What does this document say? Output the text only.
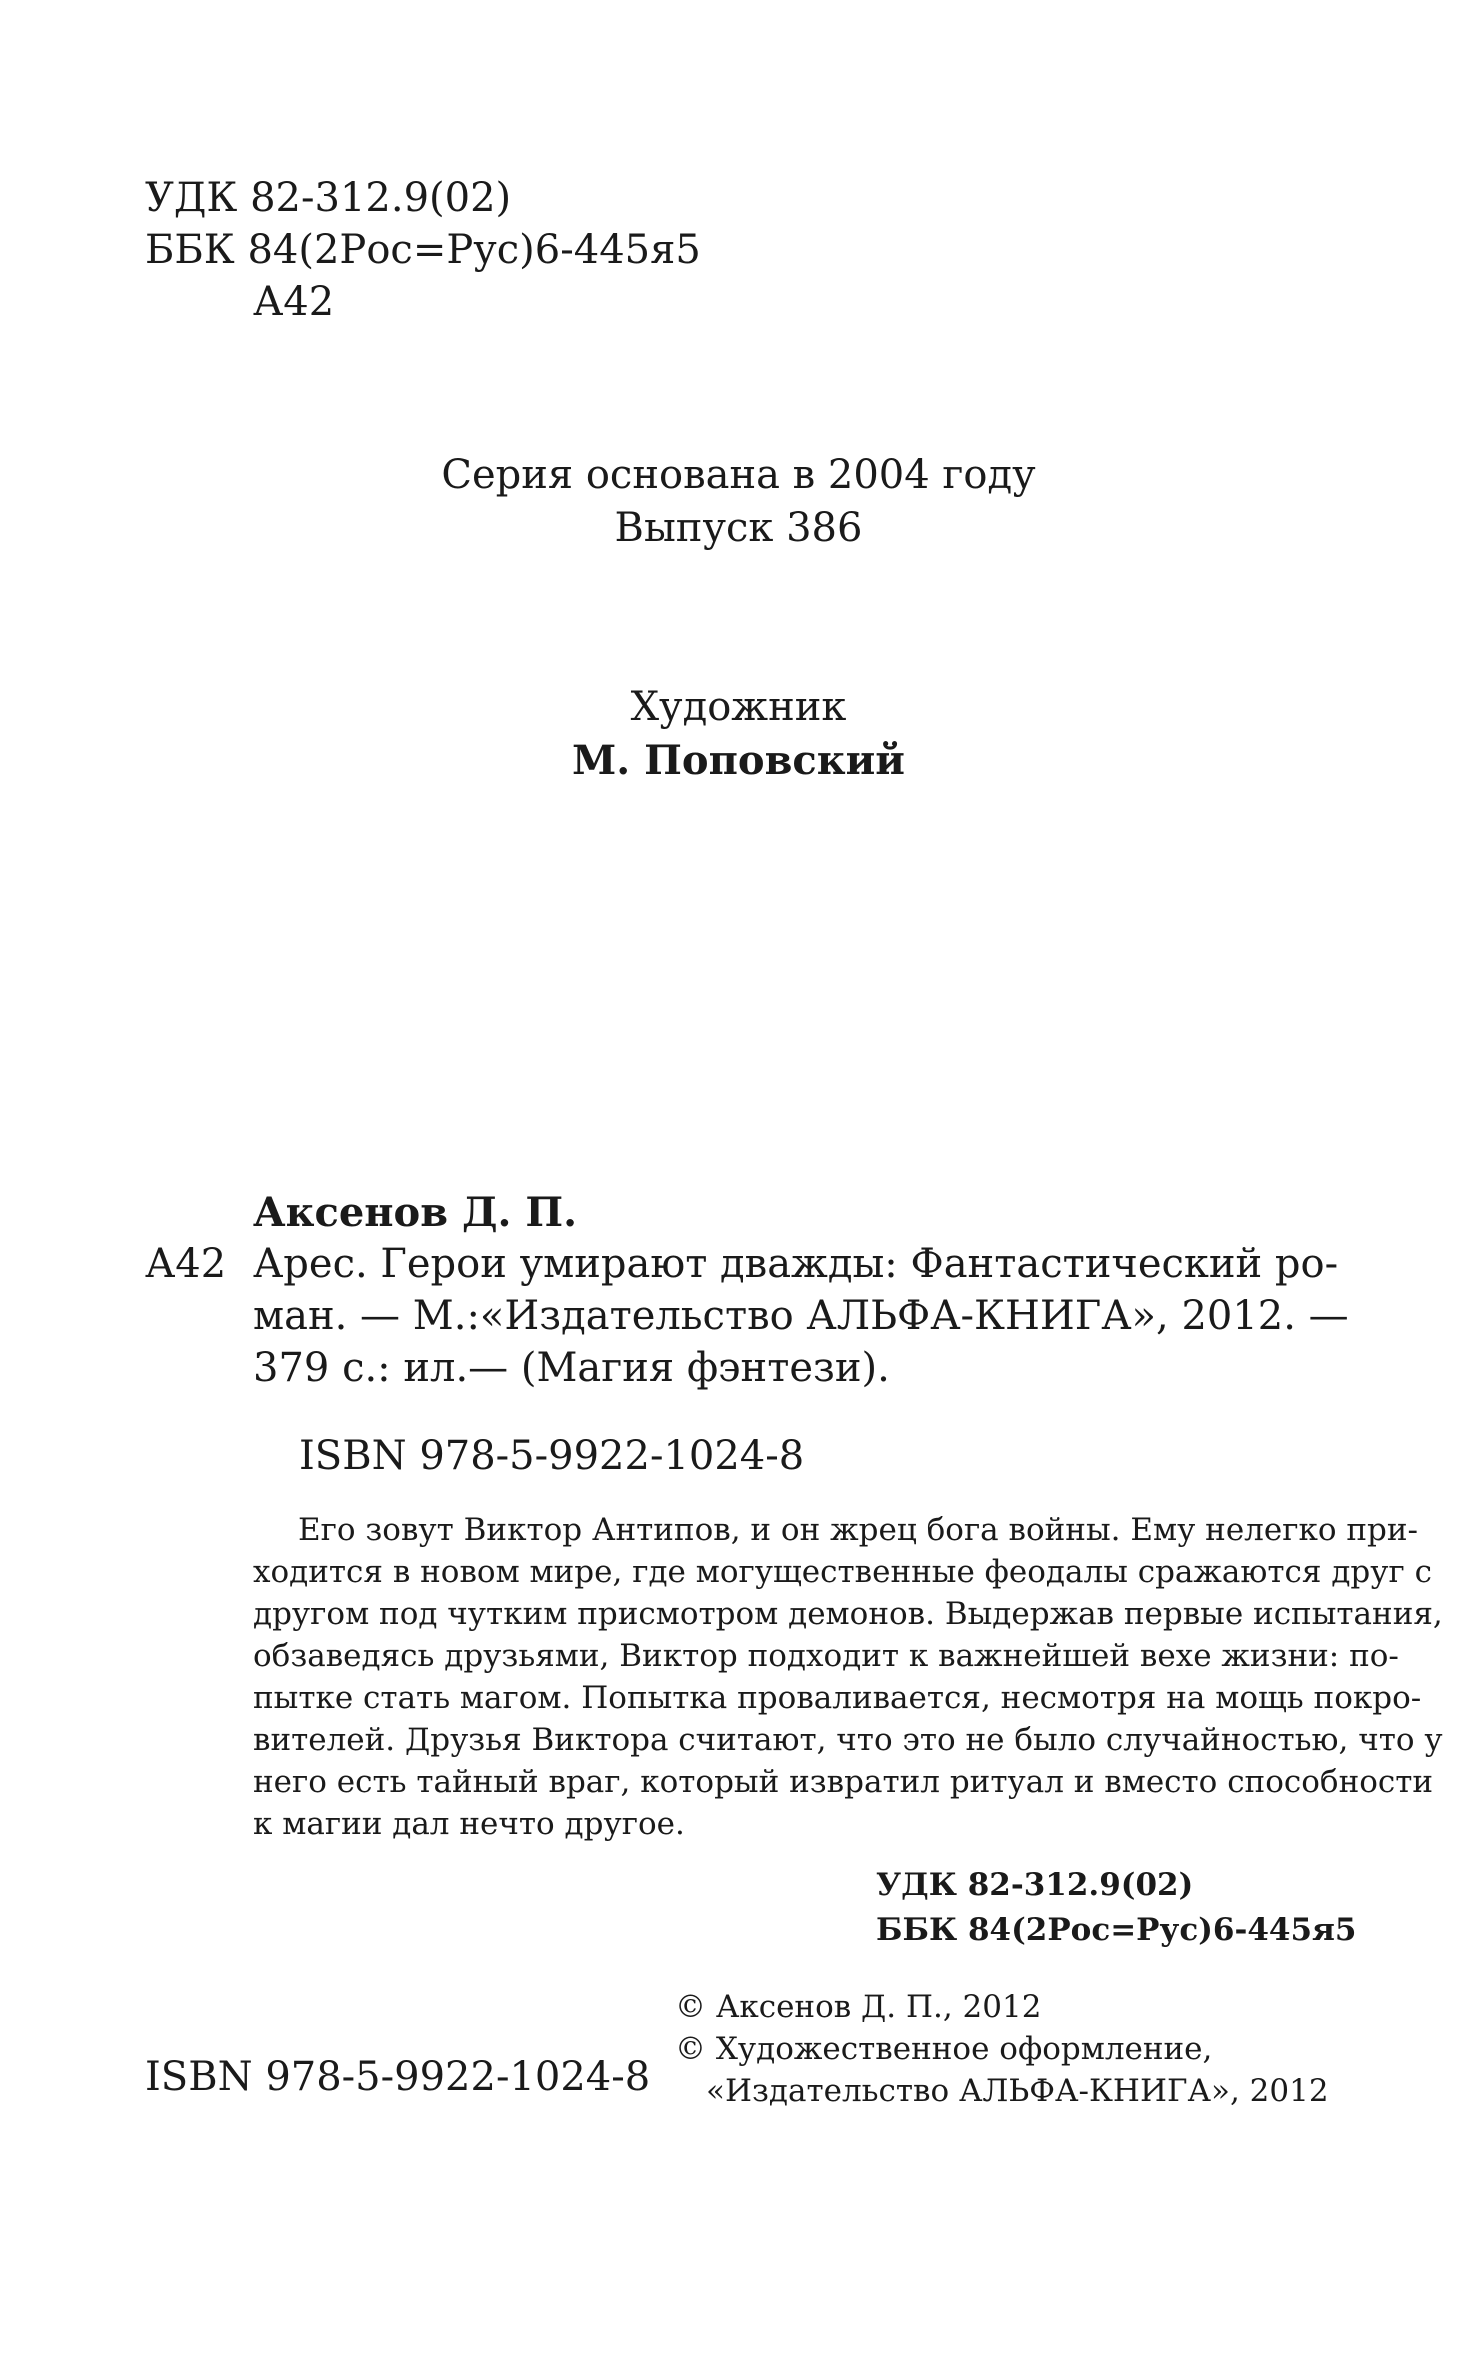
УДК 82-312.9(02)
ББК 84(2Рос=Рус)6-445я5
А42
Серия основана в 2004 году
Выпуск 386
Художник
М. Поповский
Аксенов Д. П.
А42 Арес. Герои умирают дважды: Фантастический ро-
ман. — М.: «Издательство АЛЬФА-КНИГА», 2012. —
379 с.: ил.— (Магия фэнтези).
ISBN 978-5-9922-1024-8
Его зовут Виктор Антипов, и он жрец бога войны. Ему нелегко при-
ходится в новом мире, где могущественные феодалы сражаются друг с
другом под чутким присмотром демонов. Выдержав первые испытания,
обзаведясь друзьями, Виктор подходит к важнейшей вехе жизни: по-
пытке стать магом. Попытка проваливается, несмотря на мощь покро-
вителей. Друзья Виктора считают, что это не было случайностью, что у
него есть тайный враг, который извратил ритуал и вместо способности
к магии дал нечто другое.
УДК 82-312.9(02)
ББК 84(2Рос=Рус)6-445я5
© Аксенов Д. П., 2012
© Художественное оформление,
«Издательство АЛЬФА-КНИГА», 2012
ISBN 978-5-9922-1024-8
